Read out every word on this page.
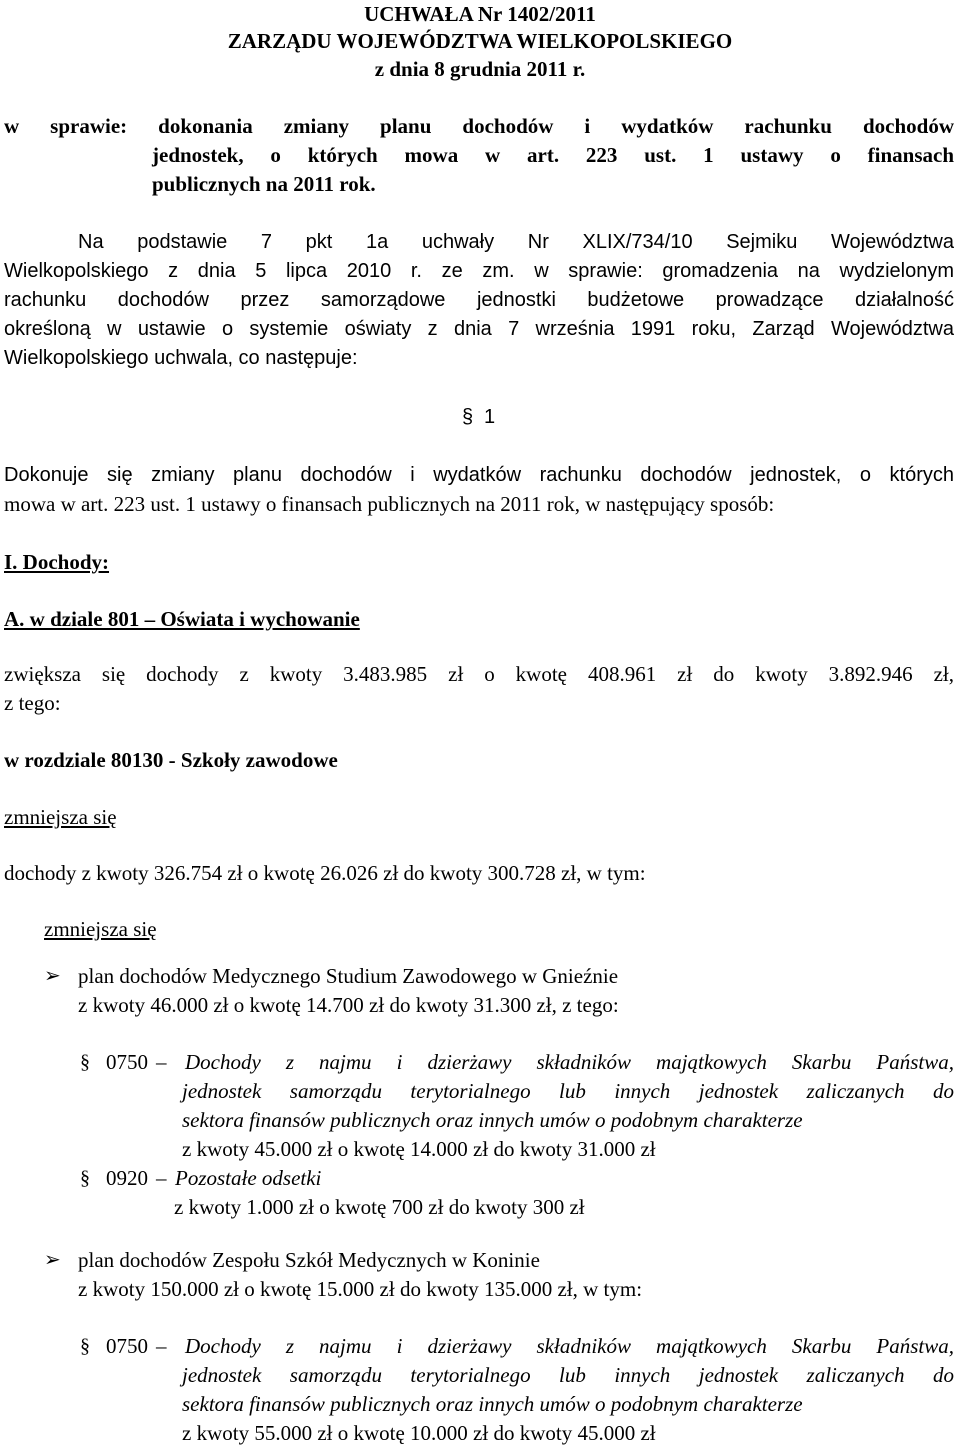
UCHWAŁA Nr 1402/2011
ZARZĄDU WOJEWÓDZTWA WIELKOPOLSKIEGO
z dnia 8 grudnia 2011 r.
w sprawie: dokonania zmiany planu dochodów i wydatków rachunku dochodów
jednostek, o których mowa w art. 223 ust. 1 ustawy o finansach
publicznych na 2011 rok.
Na podstawie 7 pkt 1a uchwały Nr XLIX/734/10 Sejmiku Województwa
Wielkopolskiego z dnia 5 lipca 2010 r. ze zm. w sprawie: gromadzenia na wydzielonym
rachunku dochodów przez samorządowe jednostki budżetowe prowadzące działalność
określoną w ustawie o systemie oświaty z dnia 7 września 1991 roku, Zarząd Województwa
Wielkopolskiego uchwala, co następuje:
§ 1
Dokonuje się zmiany planu dochodów i wydatków rachunku dochodów jednostek, o których
mowa w art. 223 ust. 1 ustawy o finansach publicznych na 2011 rok, w następujący sposób:
I. Dochody:
A. w dziale 801 – Oświata i wychowanie
zwiększa się dochody z kwoty 3.483.985 zł o kwotę 408.961 zł do kwoty 3.892.946 zł,
z tego:
w rozdziale 80130 - Szkoły zawodowe
zmniejsza się
dochody z kwoty 326.754 zł o kwotę 26.026 zł do kwoty 300.728 zł, w tym:
zmniejsza się
➢ plan dochodów Medycznego Studium Zawodowego w Gnieźnie
z kwoty 46.000 zł o kwotę 14.700 zł do kwoty 31.300 zł, z tego:
§ 0750 – Dochody z najmu i dzierżawy składników majątkowych Skarbu Państwa,
jednostek samorządu terytorialnego lub innych jednostek zaliczanych do
sektora finansów publicznych oraz innych umów o podobnym charakterze
z kwoty 45.000 zł o kwotę 14.000 zł do kwoty 31.000 zł
§ 0920 – Pozostałe odsetki
z kwoty 1.000 zł o kwotę 700 zł do kwoty 300 zł
➢ plan dochodów Zespołu Szkół Medycznych w Koninie
z kwoty 150.000 zł o kwotę 15.000 zł do kwoty 135.000 zł, w tym:
§ 0750 – Dochody z najmu i dzierżawy składników majątkowych Skarbu Państwa,
jednostek samorządu terytorialnego lub innych jednostek zaliczanych do
sektora finansów publicznych oraz innych umów o podobnym charakterze
z kwoty 55.000 zł o kwotę 10.000 zł do kwoty 45.000 zł
